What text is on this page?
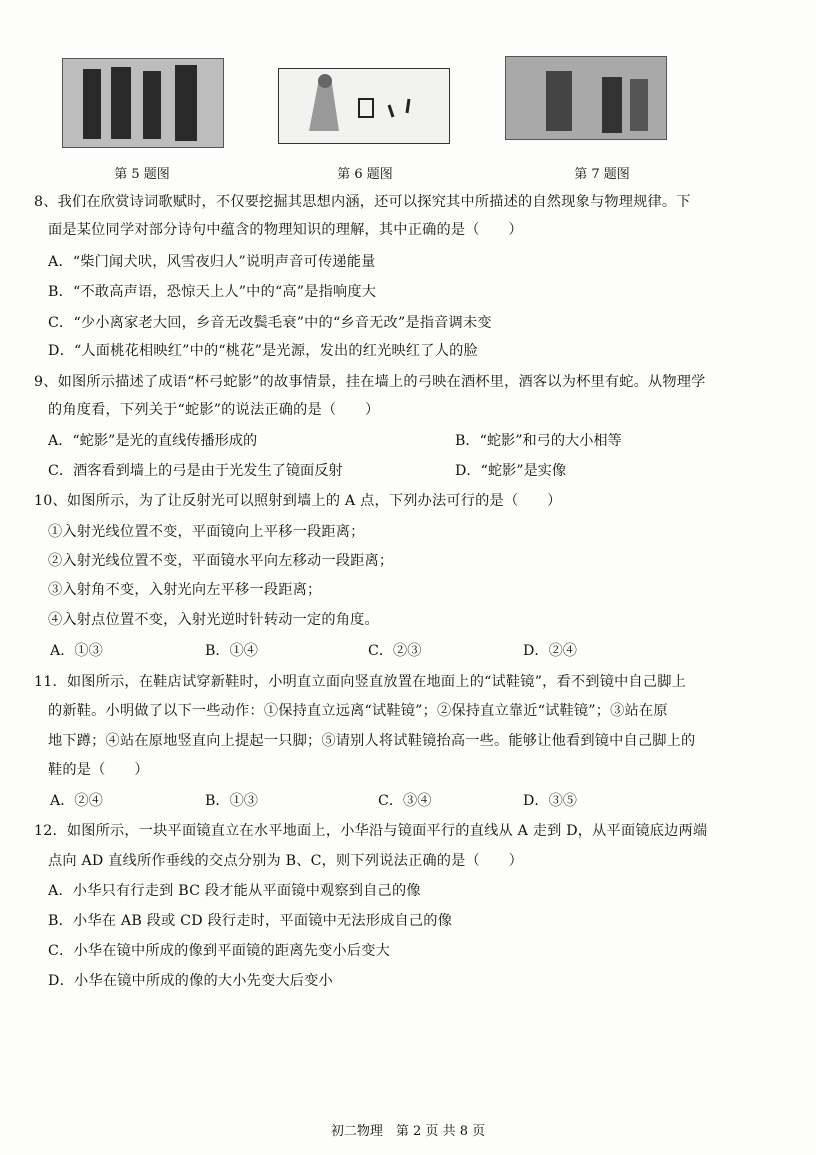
第 5 题图	第 6 题图	第 7 题图
8、我们在欣赏诗词歌赋时，不仅要挖掘其思想内涵，还可以探究其中所描述的自然现象与物理规律。下
面是某位同学对部分诗句中蕴含的物理知识的理解，其中正确的是（　　）
A．“柴门闻犬吠，风雪夜归人”说明声音可传递能量
B．“不敢高声语，恐惊天上人”中的“高”是指响度大
C．“少小离家老大回，乡音无改鬓毛衰”中的“乡音无改”是指音调未变
D．“人面桃花相映红”中的“桃花”是光源，发出的红光映红了人的脸
9、如图所示描述了成语“杯弓蛇影”的故事情景，挂在墙上的弓映在酒杯里，酒客以为杯里有蛇。从物理学
的角度看，下列关于“蛇影”的说法正确的是（　　）
A．“蛇影”是光的直线传播形成的	B．“蛇影”和弓的大小相等
C．酒客看到墙上的弓是由于光发生了镜面反射	D．“蛇影”是实像
10、如图所示，为了让反射光可以照射到墙上的 A 点，下列办法可行的是（　　）
①入射光线位置不变，平面镜向上平移一段距离；
②入射光线位置不变，平面镜水平向左移动一段距离；
③入射角不变，入射光向左平移一段距离；
④入射点位置不变，入射光逆时针转动一定的角度。
A．①③	B．①④	C．②③	D．②④
11．如图所示，在鞋店试穿新鞋时，小明直立面向竖直放置在地面上的“试鞋镜”，看不到镜中自己脚上
的新鞋。小明做了以下一些动作：①保持直立远离“试鞋镜”；②保持直立靠近“试鞋镜”；③站在原
地下蹲；④站在原地竖直向上提起一只脚；⑤请别人将试鞋镜抬高一些。能够让他看到镜中自己脚上的
鞋的是（　　）
A．②④	B．①③	C．③④	D．③⑤
12．如图所示，一块平面镜直立在水平地面上，小华沿与镜面平行的直线从 A 走到 D，从平面镜底边两端
点向 AD 直线所作垂线的交点分别为 B、C，则下列说法正确的是（　　）
A．小华只有行走到 BC 段才能从平面镜中观察到自己的像
B．小华在 AB 段或 CD 段行走时，平面镜中无法形成自己的像
C．小华在镜中所成的像到平面镜的距离先变小后变大
D．小华在镜中所成的像的大小先变大后变小
初二物理　第 2 页 共 8 页
